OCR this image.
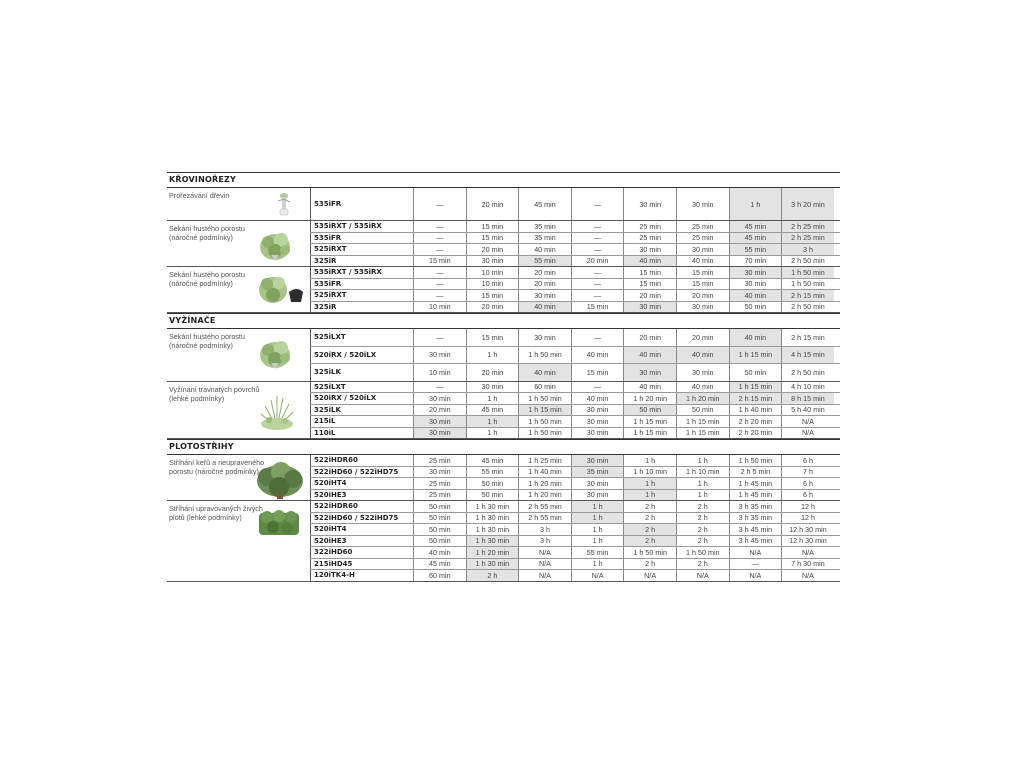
KŘOVINOŘEZY
Prořezávání dřevin
535iFR	—	20 min	45 min	—	30 min	30 min	1 h	3 h 20 min
Sekání hustého porostu (náročné podmínky)
535iRXT / 535iRX	—	15 min	35 min	—	25 min	25 min	45 min	2 h 25 min
535iFR	—	15 min	35 min	—	25 min	25 min	45 min	2 h 25 min
525iRXT	—	20 min	40 min	—	30 min	30 min	55 min	3 h
325iR	15 min	30 min	55 min	20 min	40 min	40 min	70 min	2 h 50 min
Sekání hustého porostu (náročné podmínky)
535iRXT / 535iRX	—	10 min	20 min	—	15 min	15 min	30 min	1 h 50 min
535iFR	—	10 min	20 min	—	15 min	15 min	30 min	1 h 50 min
525iRXT	—	15 min	30 min	—	20 min	20 min	40 min	2 h 15 min
325iR	10 min	20 min	40 min	15 min	30 min	30 min	50 min	2 h 50 min
VYŽÍNAČE
Sekání hustého porostu (náročné podmínky)
525iLXT	—	15 min	30 min	—	20 min	20 min	40 min	2 h 15 min
520iRX / 520iLX	30 min	1 h	1 h 50 min	40 min	40 min	40 min	1 h 15 min	4 h 15 min
325iLK	10 min	20 min	40 min	15 min	30 min	30 min	50 min	2 h 50 min
Vyžínání travnatých povrchů (lehké podmínky)
525iLXT	—	30 min	60 min	—	40 min	40 min	1 h 15 min	4 h 10 min
520iRX / 520iLX	30 min	1 h	1 h 50 min	40 min	1 h 20 min	1 h 20 min	2 h 15 min	8 h 15 min
325iLK	20 min	45 min	1 h 15 min	30 min	50 min	50 min	1 h 40 min	5 h 40 min
215iL	30 min	1 h	1 h 50 min	30 min	1 h 15 min	1 h 15 min	2 h 20 min	N/A
110iL	30 min	1 h	1 h 50 min	30 min	1 h 15 min	1 h 15 min	2 h 20 min	N/A
PLOTOSTŘIHY
Stříhání keřů a neupraveného porostu (náročné podmínky)
522iHDR60	25 min	45 min	1 h 25 min	30 min	1 h	1 h	1 h 50 min	6 h
522iHD60 / 522iHD75	30 min	55 min	1 h 40 min	35 min	1 h 10 min	1 h 10 min	2 h 5 min	7 h
520iHT4	25 min	50 min	1 h 20 min	30 min	1 h	1 h	1 h 45 min	6 h
520iHE3	25 min	50 min	1 h 20 min	30 min	1 h	1 h	1 h 45 min	6 h
Stříhání upravovaných živých plotů (lehké podmínky)
522iHDR60	50 min	1 h 30 min	2 h 55 min	1 h	2 h	2 h	3 h 35 min	12 h
522iHD60 / 522iHD75	50 min	1 h 30 min	2 h 55 min	1 h	2 h	2 h	3 h 35 min	12 h
520iHT4	50 min	1 h 30 min	3 h	1 h	2 h	2 h	3 h 45 min	12 h 30 min
520iHE3	50 min	1 h 30 min	3 h	1 h	2 h	2 h	3 h 45 min	12 h 30 min
322iHD60	40 min	1 h 20 min	N/A	55 min	1 h 50 min	1 h 50 min	N/A	N/A
215iHD45	45 min	1 h 30 min	N/A	1 h	2 h	2 h	—	7 h 30 min
120iTK4-H	60 min	2 h	N/A	N/A	N/A	N/A	N/A	N/A
